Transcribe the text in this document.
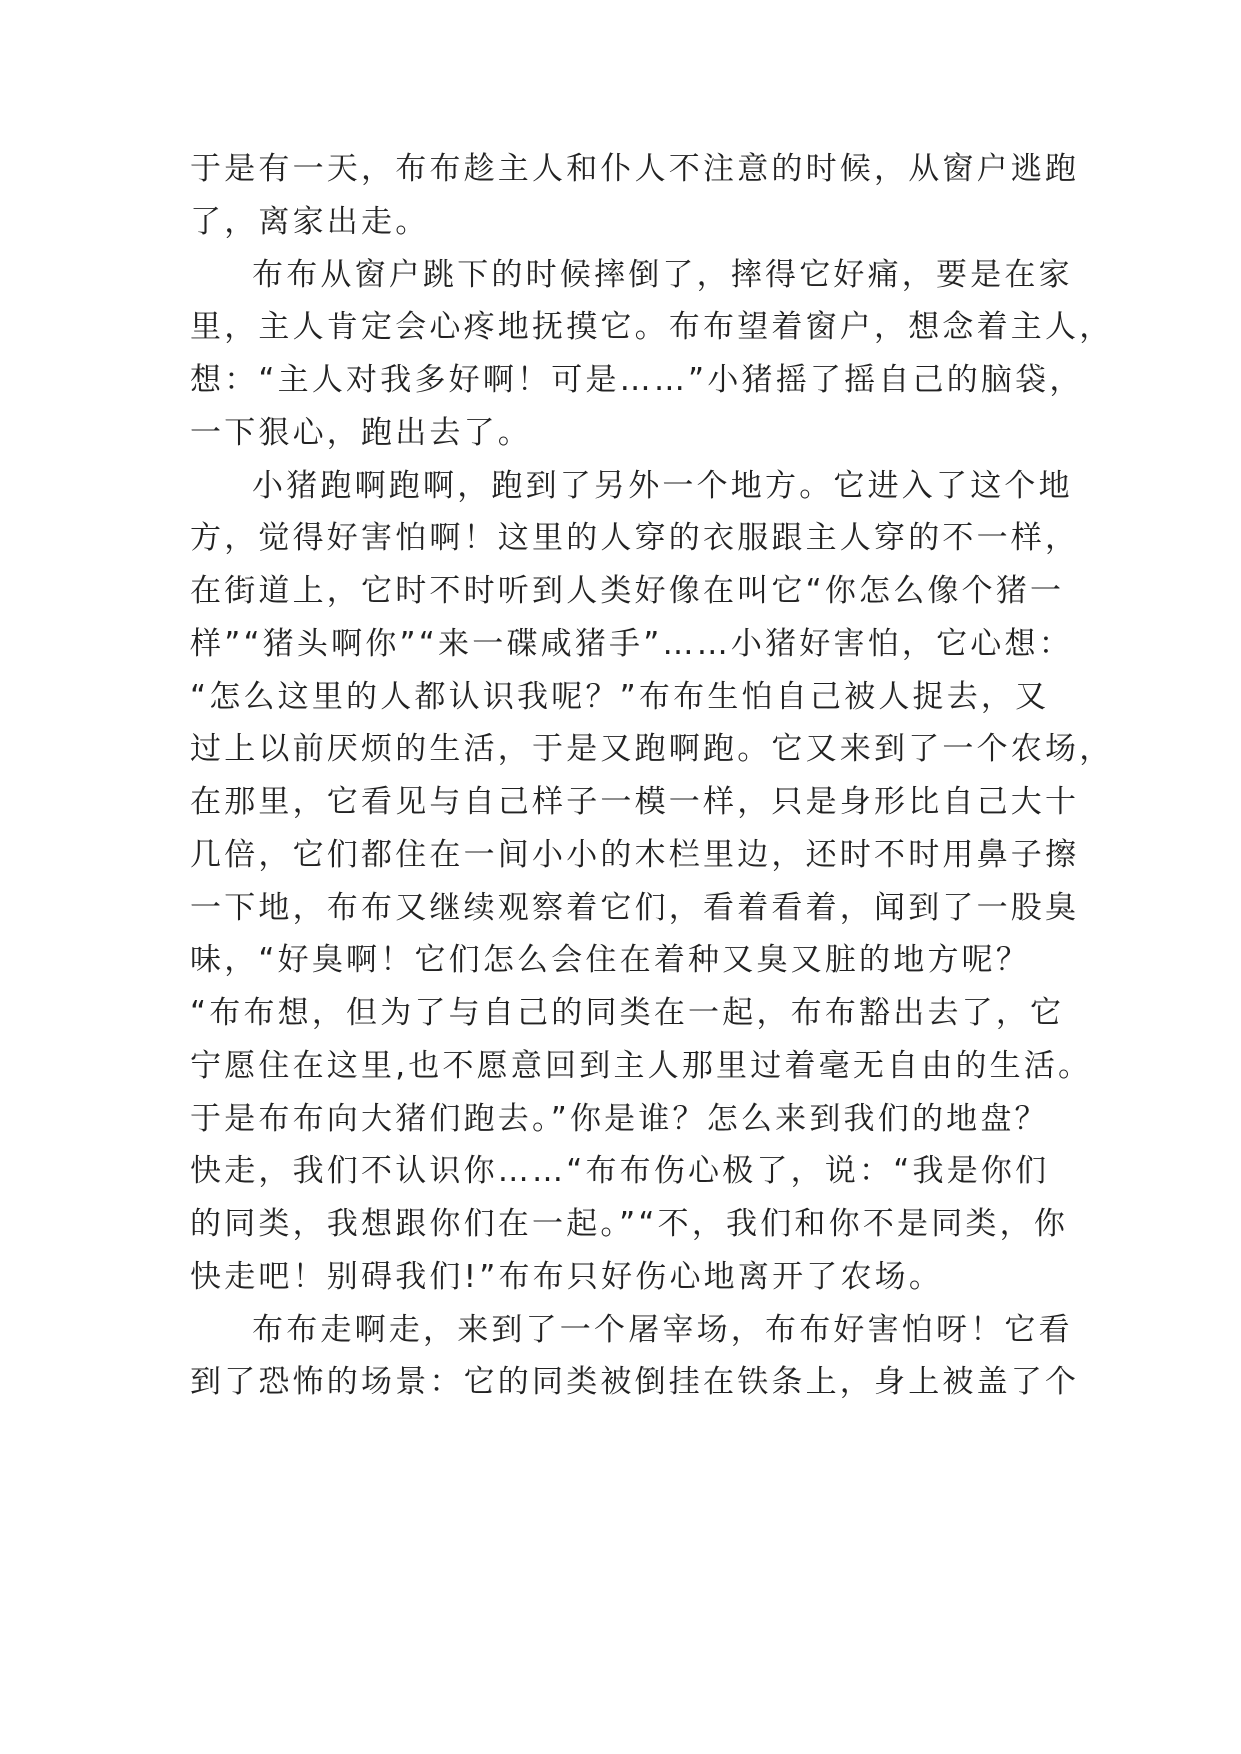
于是有一天，布布趁主人和仆人不注意的时候，从窗户逃跑
了，离家出走。
布布从窗户跳下的时候摔倒了，摔得它好痛，要是在家
里，主人肯定会心疼地抚摸它。布布望着窗户，想念着主人，
想：“主人对我多好啊！可是……”小猪摇了摇自己的脑袋，
一下狠心，跑出去了。
小猪跑啊跑啊，跑到了另外一个地方。它进入了这个地
方，觉得好害怕啊！这里的人穿的衣服跟主人穿的不一样，
在街道上，它时不时听到人类好像在叫它“你怎么像个猪一
样”“猪头啊你”“来一碟咸猪手”……小猪好害怕，它心想：
“怎么这里的人都认识我呢？”布布生怕自己被人捉去，又
过上以前厌烦的生活，于是又跑啊跑。它又来到了一个农场，
在那里，它看见与自己样子一模一样，只是身形比自己大十
几倍，它们都住在一间小小的木栏里边，还时不时用鼻子擦
一下地，布布又继续观察着它们，看着看着，闻到了一股臭
味，“好臭啊！它们怎么会住在着种又臭又脏的地方呢？
“布布想，但为了与自己的同类在一起，布布豁出去了，它
宁愿住在这里,也不愿意回到主人那里过着毫无自由的生活。
于是布布向大猪们跑去。”你是谁？怎么来到我们的地盘？
快走，我们不认识你……“布布伤心极了，说：“我是你们
的同类，我想跟你们在一起。”“不，我们和你不是同类，你
快走吧！别碍我们!”布布只好伤心地离开了农场。
布布走啊走，来到了一个屠宰场，布布好害怕呀！它看
到了恐怖的场景：它的同类被倒挂在铁条上，身上被盖了个
